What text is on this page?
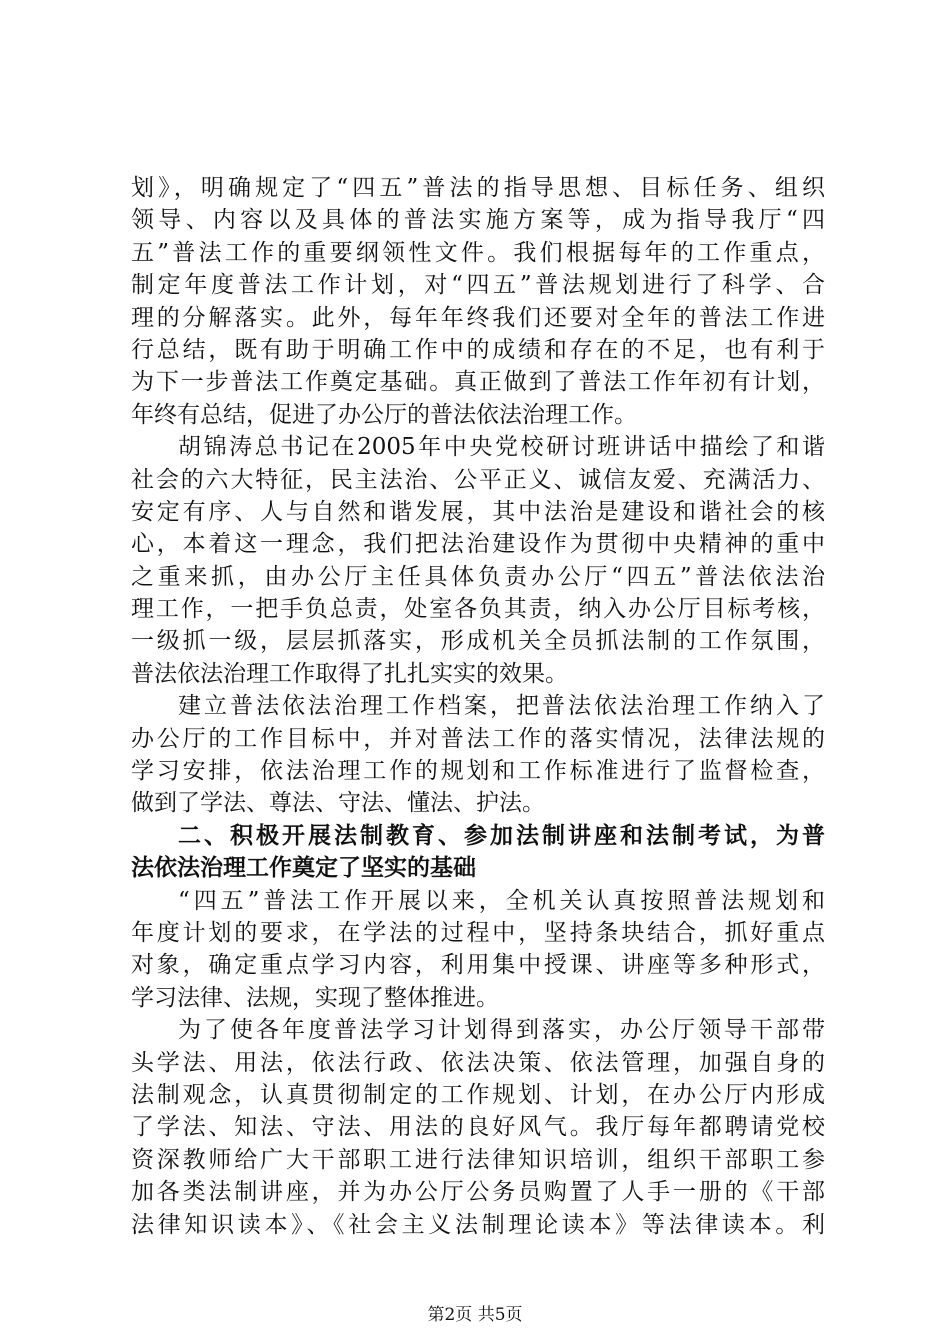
划》，明确规定了“四五”普法的指导思想、目标任务、组织
领导、内容以及具体的普法实施方案等，成为指导我厅“四
五”普法工作的重要纲领性文件。我们根据每年的工作重点，
制定年度普法工作计划，对“四五”普法规划进行了科学、合
理的分解落实。此外，每年年终我们还要对全年的普法工作进
行总结，既有助于明确工作中的成绩和存在的不足，也有利于
为下一步普法工作奠定基础。真正做到了普法工作年初有计划，
年终有总结，促进了办公厅的普法依法治理工作。
胡锦涛总书记在2005年中央党校研讨班讲话中描绘了和谐
社会的六大特征，民主法治、公平正义、诚信友爱、充满活力、
安定有序、人与自然和谐发展，其中法治是建设和谐社会的核
心，本着这一理念，我们把法治建设作为贯彻中央精神的重中
之重来抓，由办公厅主任具体负责办公厅“四五”普法依法治
理工作，一把手负总责，处室各负其责，纳入办公厅目标考核，
一级抓一级，层层抓落实，形成机关全员抓法制的工作氛围，
普法依法治理工作取得了扎扎实实的效果。
建立普法依法治理工作档案，把普法依法治理工作纳入了
办公厅的工作目标中，并对普法工作的落实情况，法律法规的
学习安排，依法治理工作的规划和工作标准进行了监督检查，
做到了学法、尊法、守法、懂法、护法。
二、积极开展法制教育、参加法制讲座和法制考试，为普
法依法治理工作奠定了坚实的基础
“四五”普法工作开展以来，全机关认真按照普法规划和
年度计划的要求，在学法的过程中，坚持条块结合，抓好重点
对象，确定重点学习内容，利用集中授课、讲座等多种形式，
学习法律、法规，实现了整体推进。
为了使各年度普法学习计划得到落实，办公厅领导干部带
头学法、用法，依法行政、依法决策、依法管理，加强自身的
法制观念，认真贯彻制定的工作规划、计划，在办公厅内形成
了学法、知法、守法、用法的良好风气。我厅每年都聘请党校
资深教师给广大干部职工进行法律知识培训，组织干部职工参
加各类法制讲座，并为办公厅公务员购置了人手一册的《干部
法律知识读本》、《社会主义法制理论读本》等法律读本。利
第2页 共5页
